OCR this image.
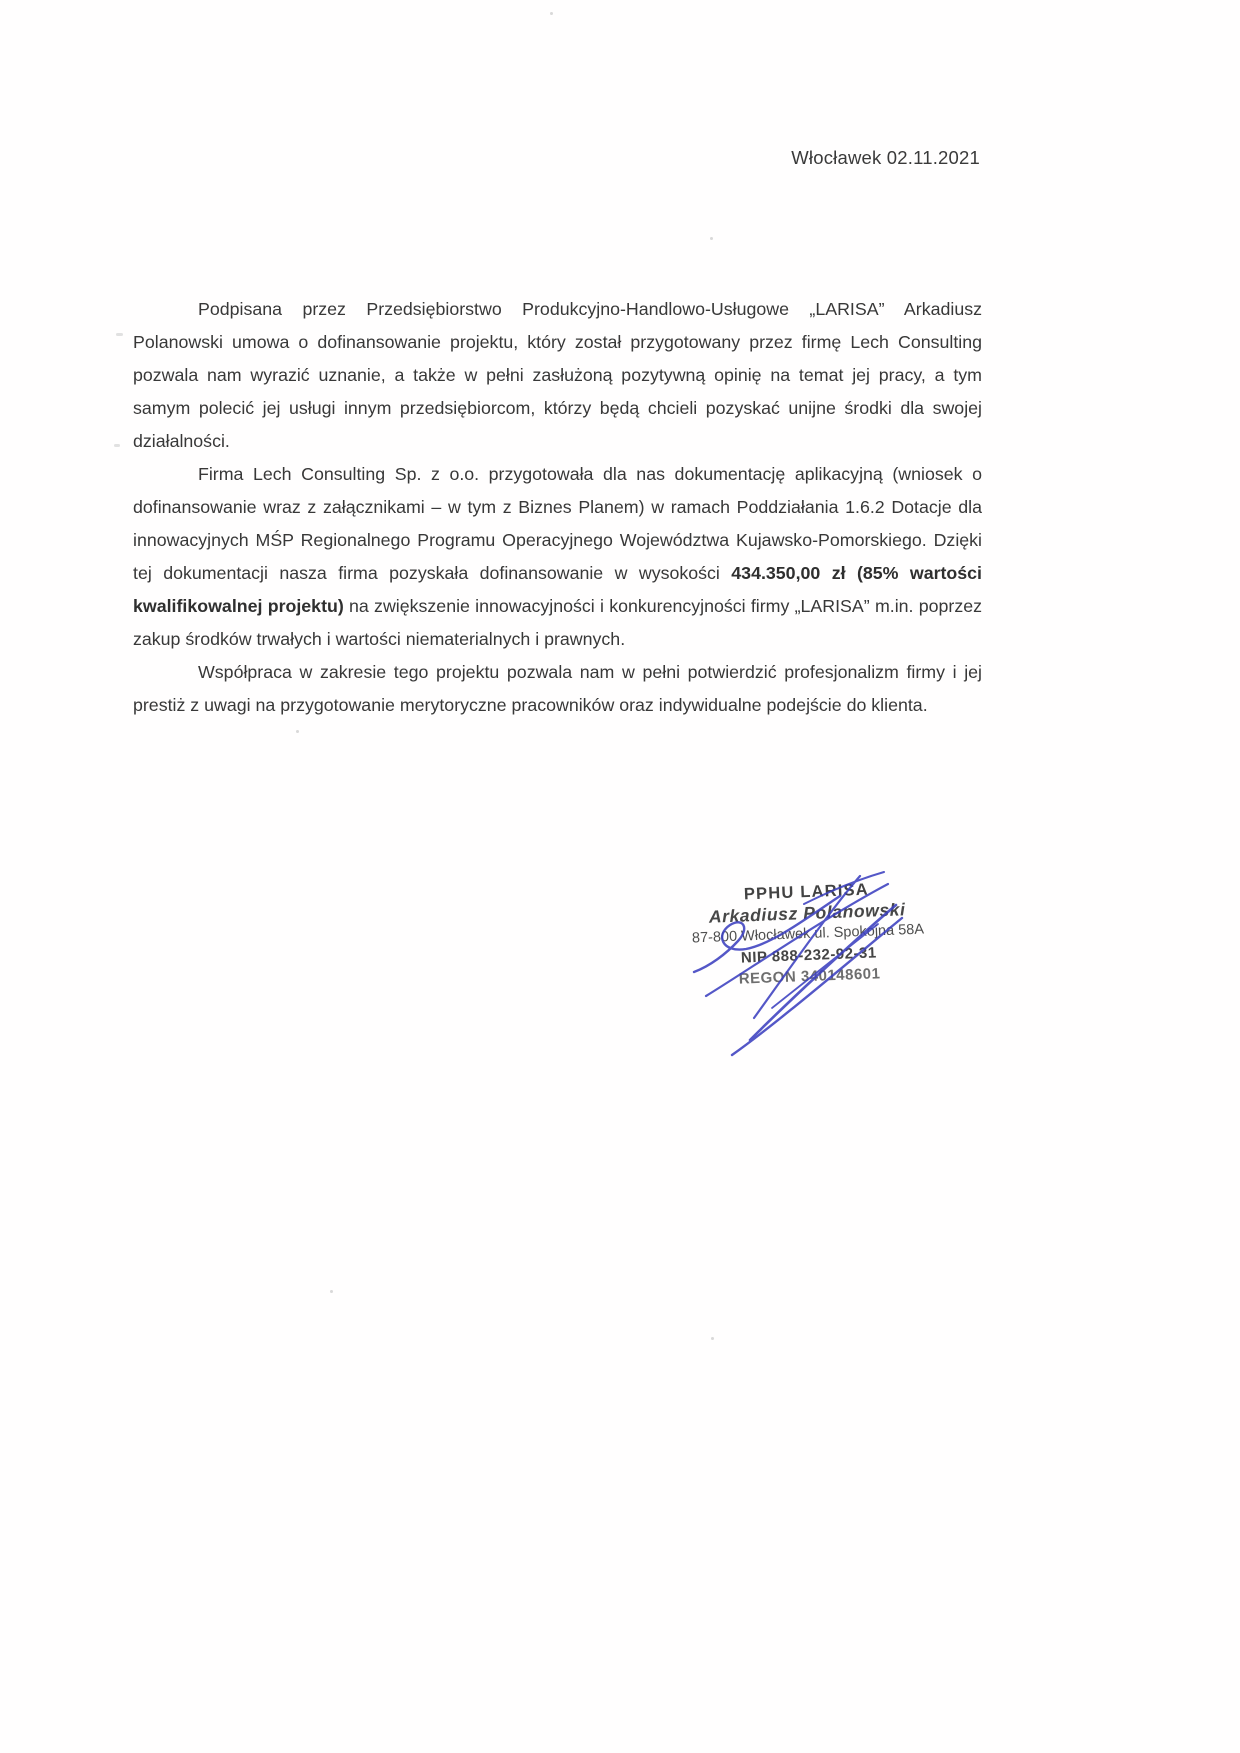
Włocławek 02.11.2021

Podpisana przez Przedsiębiorstwo Produkcyjno-Handlowo-Usługowe „LARISA” Arkadiusz Polanowski umowa o dofinansowanie projektu, który został przygotowany przez firmę Lech Consulting pozwala nam wyrazić uznanie, a także w pełni zasłużoną pozytywną opinię na temat jej pracy, a tym samym polecić jej usługi innym przedsiębiorcom, którzy będą chcieli pozyskać unijne środki dla swojej działalności.

Firma Lech Consulting Sp. z o.o. przygotowała dla nas dokumentację aplikacyjną (wniosek o dofinansowanie wraz z załącznikami – w tym z Biznes Planem) w ramach Poddziałania 1.6.2 Dotacje dla innowacyjnych MŚP Regionalnego Programu Operacyjnego Województwa Kujawsko-Pomorskiego. Dzięki tej dokumentacji nasza firma pozyskała dofinansowanie w wysokości 434.350,00 zł (85% wartości kwalifikowalnej projektu) na zwiększenie innowacyjności i konkurencyjności firmy „LARISA” m.in. poprzez zakup środków trwałych i wartości niematerialnych i prawnych.

Współpraca w zakresie tego projektu pozwala nam w pełni potwierdzić profesjonalizm firmy i jej prestiż z uwagi na przygotowanie merytoryczne pracowników oraz indywidualne podejście do klienta.

PPHU LARISA
Arkadiusz Polanowski
87-800 Włocławek ul. Spokojna 58A
NIP 888-232-92-31
REGON 340148601
